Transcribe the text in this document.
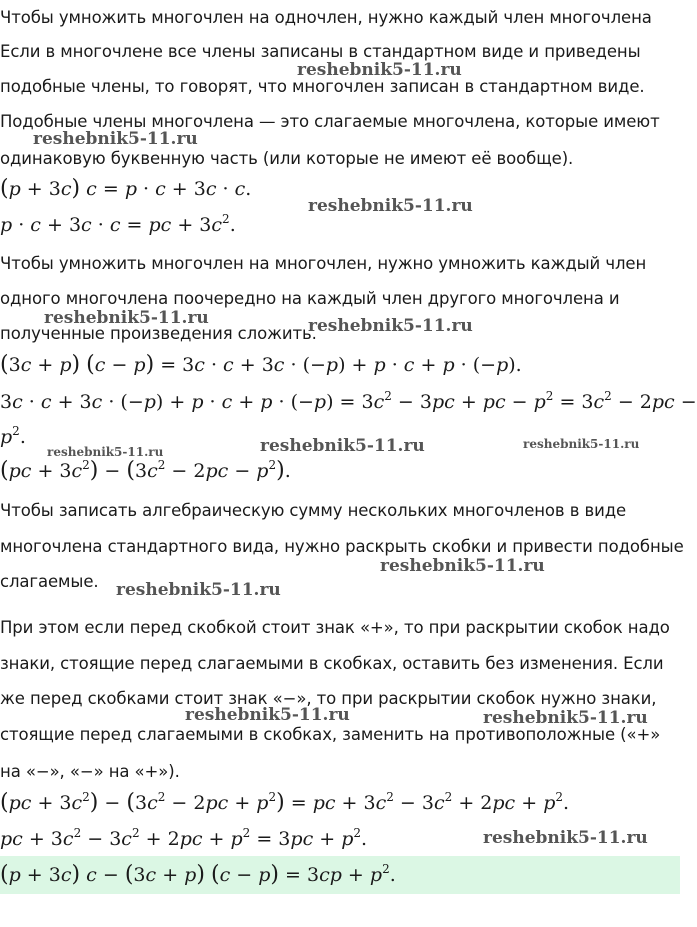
Чтобы умножить многочлен на одночлен, нужно каждый член многочлена
Если в многочлене все члены записаны в стандартном виде и приведены
подобные члены, то говорят, что многочлен записан в стандартном виде.
Подобные члены многочлена — это слагаемые многочлена, которые имеют
одинаковую буквенную часть (или которые не имеют её вообще).
(p + 3c) c = p · c + 3c · c.
p · c + 3c · c = pc + $3c^2$.
Чтобы умножить многочлен на многочлен, нужно умножить каждый член
одного многочлена поочередно на каждый член другого многочлена и
полученные произведения сложить.
(3c + p) (c − p) = 3c · c + 3c · (−p) + p · c + p · (−p).
$3c \cdot c + 3c \cdot (-p) + p \cdot c + p \cdot (-p) = 3c^2 - 3pc$ + pc − $p^2 = 3c^2 - 2pc$ −
$p^2$.
$(pc + 3c^2) - (3c^2 - 2pc - p^2)$.
Чтобы записать алгебраическую сумму нескольких многочленов в виде
многочлена стандартного вида, нужно раскрыть скобки и привести подобные
слагаемые.
При этом если перед скобкой стоит знак «+», то при раскрытии скобок надо
знаки, стоящие перед слагаемыми в скобках, оставить без изменения. Если
же перед скобками стоит знак «−», то при раскрытии скобок нужно знаки,
стоящие перед слагаемыми в скобках, заменить на противоположные («+»
на «−», «−» на «+»).
$(pc + 3c^2) - (3c^2 - 2pc + p^2)$ = pc + $3c^2 - 3c^2 + 2pc + p^2$.
pc + $3c^2 - 3c^2 + 2pc + p^2 = 3pc + p^2$.
(p + 3c) c − (3c + p) $(c - p) = 3cp + p^2$.
reshebnik5-11.ru
reshebnik5-11.ru
reshebnik5-11.ru
reshebnik5-11.ru	reshebnik5-11.ru
reshebnik5-11.ru	reshebnik5-11.ru	reshebnik5-11.ru
reshebnik5-11.ru
reshebnik5-11.ru
reshebnik5-11.ru	reshebnik5-11.ru
reshebnik5-11.ru
